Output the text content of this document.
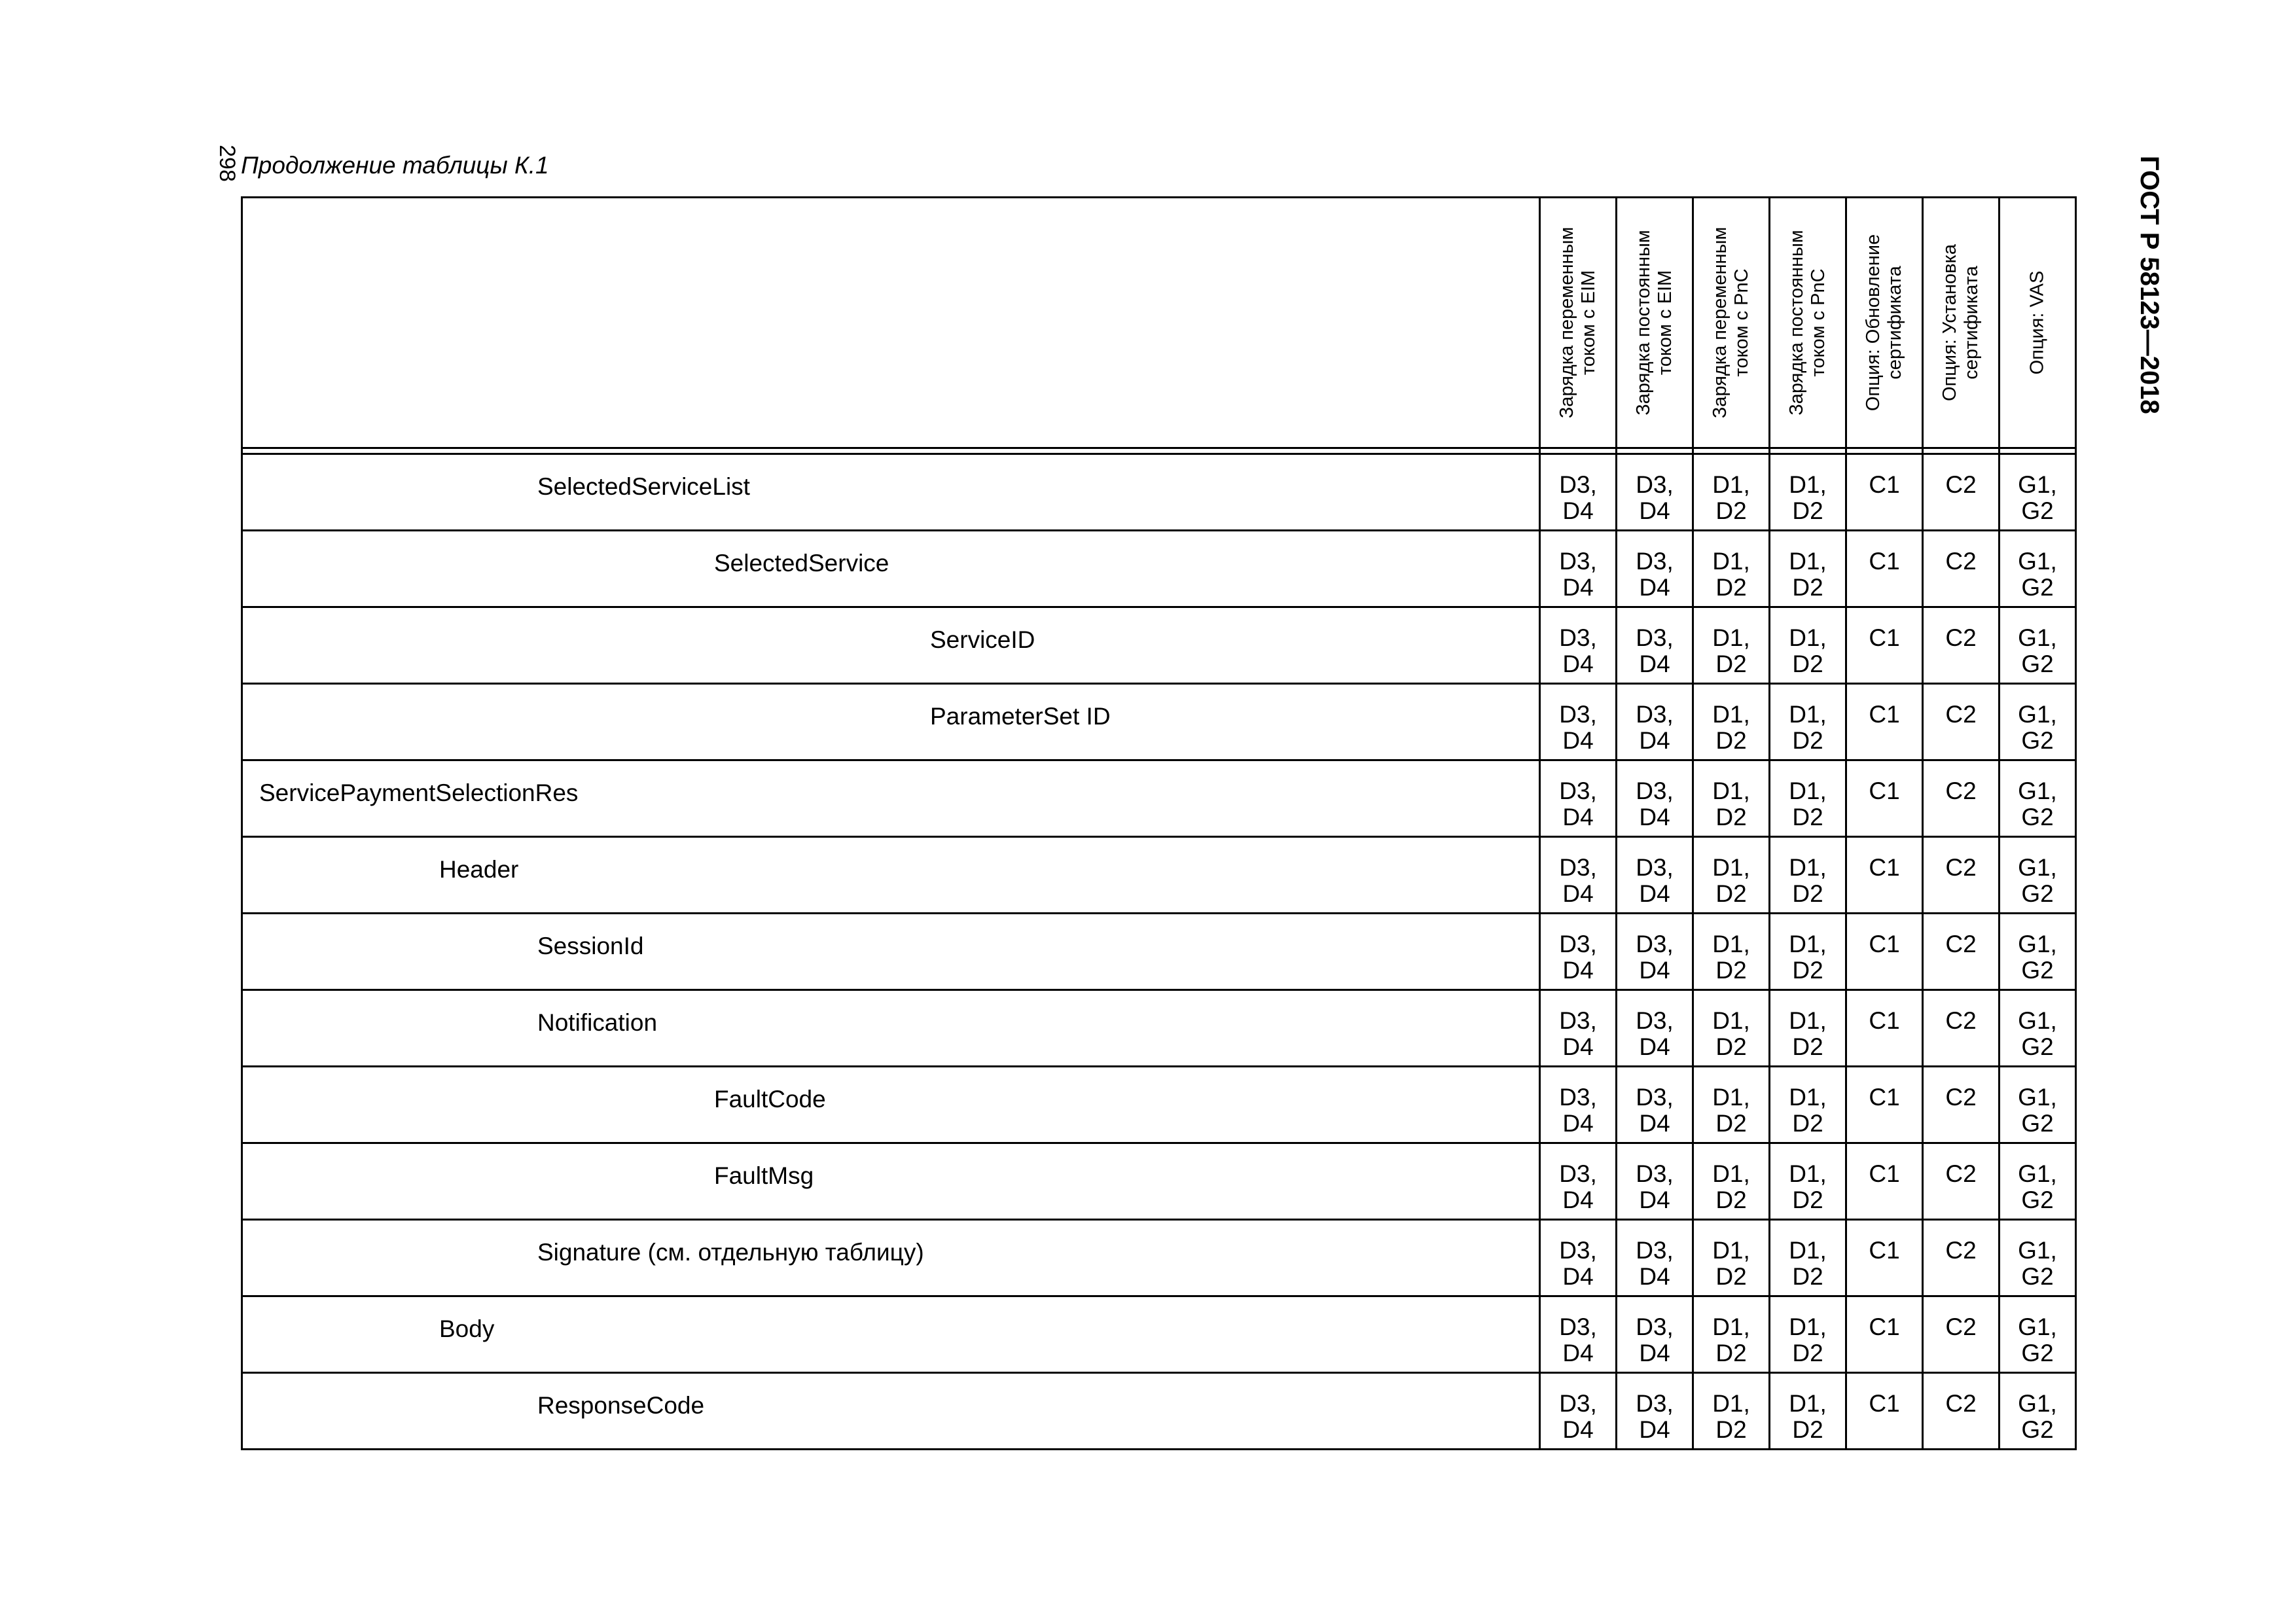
298 Продолжение таблицы К.1	ГОСТ Р 58123—2018

	Зарядка переменным током с EIM	Зарядка постоянным током с EIM	Зарядка переменным током с PnC	Зарядка постоянным током с PnC	Опция: Обновление сертификата	Опция: Установка сертификата	Опция: VAS

SelectedServiceList	D3, D4	D3, D4	D1, D2	D1, D2	C1	C2	G1, G2

SelectedService	D3, D4	D3, D4	D1, D2	D1, D2	C1	C2	G1, G2

ServiceID	D3, D4	D3, D4	D1, D2	D1, D2	C1	C2	G1, G2

ParameterSet ID	D3, D4	D3, D4	D1, D2	D1, D2	C1	C2	G1, G2

ServicePaymentSelectionRes	D3, D4	D3, D4	D1, D2	D1, D2	C1	C2	G1, G2

Header	D3, D4	D3, D4	D1, D2	D1, D2	C1	C2	G1, G2

SessionId	D3, D4	D3, D4	D1, D2	D1, D2	C1	C2	G1, G2

Notification	D3, D4	D3, D4	D1, D2	D1, D2	C1	C2	G1, G2

FaultCode	D3, D4	D3, D4	D1, D2	D1, D2	C1	C2	G1, G2

FaultMsg	D3, D4	D3, D4	D1, D2	D1, D2	C1	C2	G1, G2

Signature (см. отдельную таблицу)	D3, D4	D3, D4	D1, D2	D1, D2	C1	C2	G1, G2

Body	D3, D4	D3, D4	D1, D2	D1, D2	C1	C2	G1, G2

ResponseCode	D3, D4	D3, D4	D1, D2	D1, D2	C1	C2	G1, G2
